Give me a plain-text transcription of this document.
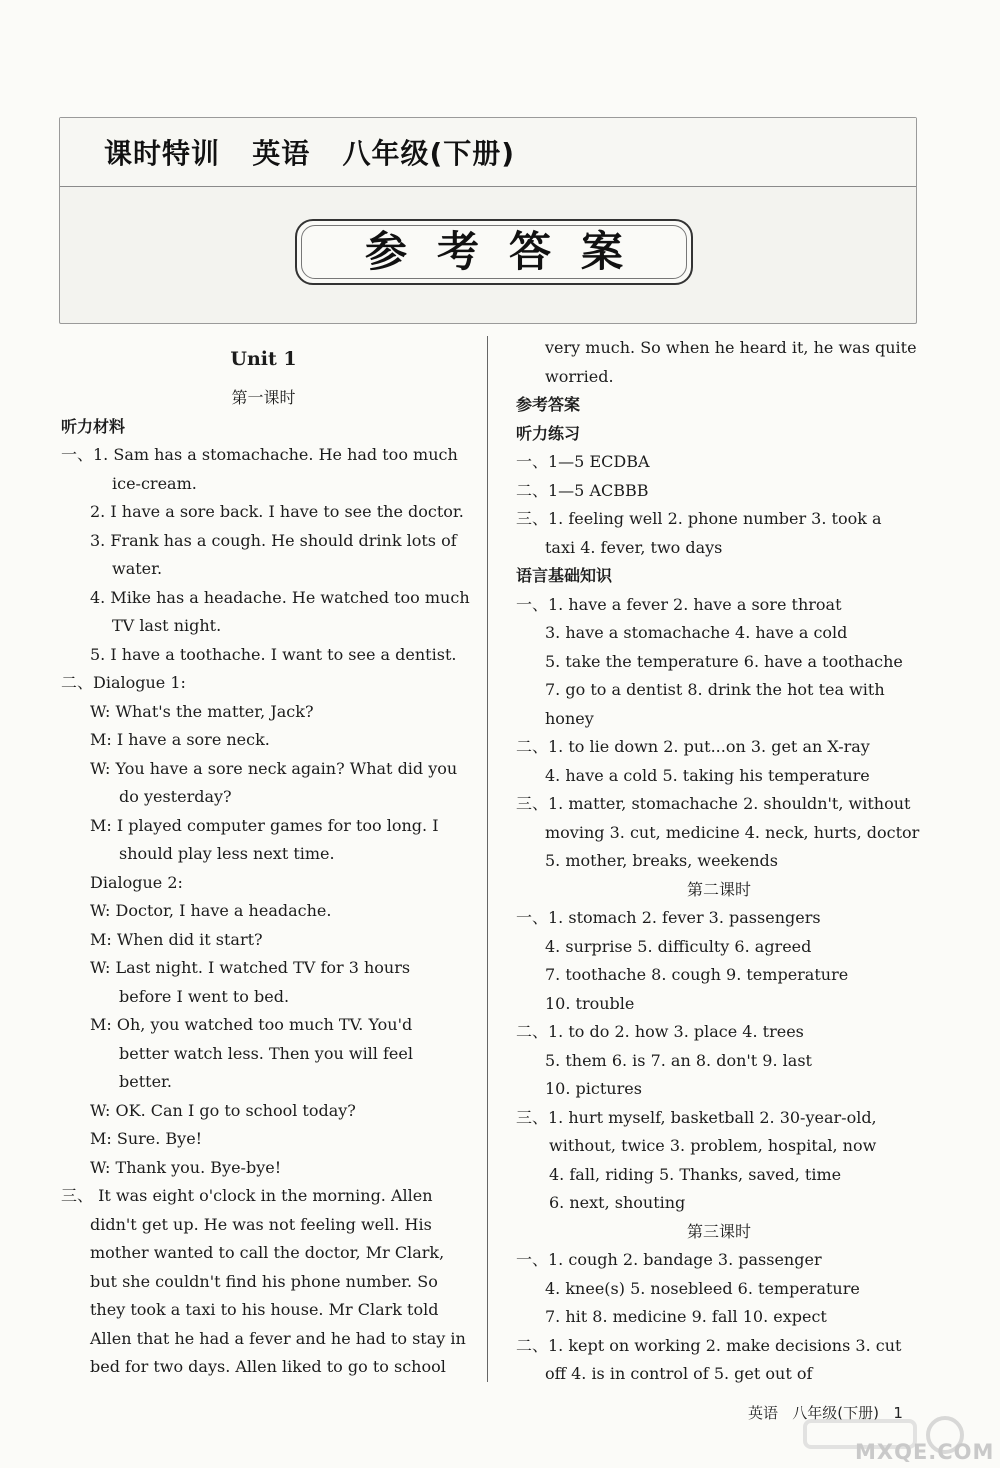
课时特训   英语   八年级(下册)
参考答案
Unit 1
第一课时
听力材料
一、1. Sam has a stomachache. He had too much
ice-cream.
2. I have a sore back. I have to see the doctor.
3. Frank has a cough. He should drink lots of
water.
4. Mike has a headache. He watched too much
TV last night.
5. I have a toothache. I want to see a dentist.
二、Dialogue 1:
W: What's the matter, Jack?
M: I have a sore neck.
W: You have a sore neck again? What did you
do yesterday?
M: I played computer games for too long. I
should play less next time.
Dialogue 2:
W: Doctor, I have a headache.
M: When did it start?
W: Last night. I watched TV for 3 hours
before I went to bed.
M: Oh, you watched too much TV. You'd
better watch less. Then you will feel
better.
W: OK. Can I go to school today?
M: Sure. Bye!
W: Thank you. Bye-bye!
三、 It was eight o'clock in the morning. Allen
didn't get up. He was not feeling well. His
mother wanted to call the doctor, Mr Clark,
but she couldn't find his phone number. So
they took a taxi to his house. Mr Clark told
Allen that he had a fever and he had to stay in
bed for two days. Allen liked to go to school
very much. So when he heard it, he was quite
worried.
参考答案
听力练习
一、1—5 ECDBA
二、1—5 ACBBB
三、1. feeling well 2. phone number 3. took a
taxi 4. fever, two days
语言基础知识
一、1. have a fever 2. have a sore throat
3. have a stomachache 4. have a cold
5. take the temperature 6. have a toothache
7. go to a dentist 8. drink the hot tea with
honey
二、1. to lie down 2. put...on 3. get an X-ray
4. have a cold 5. taking his temperature
三、1. matter, stomachache 2. shouldn't, without
moving 3. cut, medicine 4. neck, hurts, doctor
5. mother, breaks, weekends
第二课时
一、1. stomach 2. fever 3. passengers
4. surprise 5. difficulty 6. agreed
7. toothache 8. cough 9. temperature
10. trouble
二、1. to do 2. how 3. place 4. trees
5. them 6. is 7. an 8. don't 9. last
10. pictures
三、1. hurt myself, basketball 2. 30-year-old,
without, twice 3. problem, hospital, now
4. fall, riding 5. Thanks, saved, time
6. next, shouting
第三课时
一、1. cough 2. bandage 3. passenger
4. knee(s) 5. nosebleed 6. temperature
7. hit 8. medicine 9. fall 10. expect
二、1. kept on working 2. make decisions 3. cut
off 4. is in control of 5. get out of
英语   八年级(下册)   1
MXQE.COM
